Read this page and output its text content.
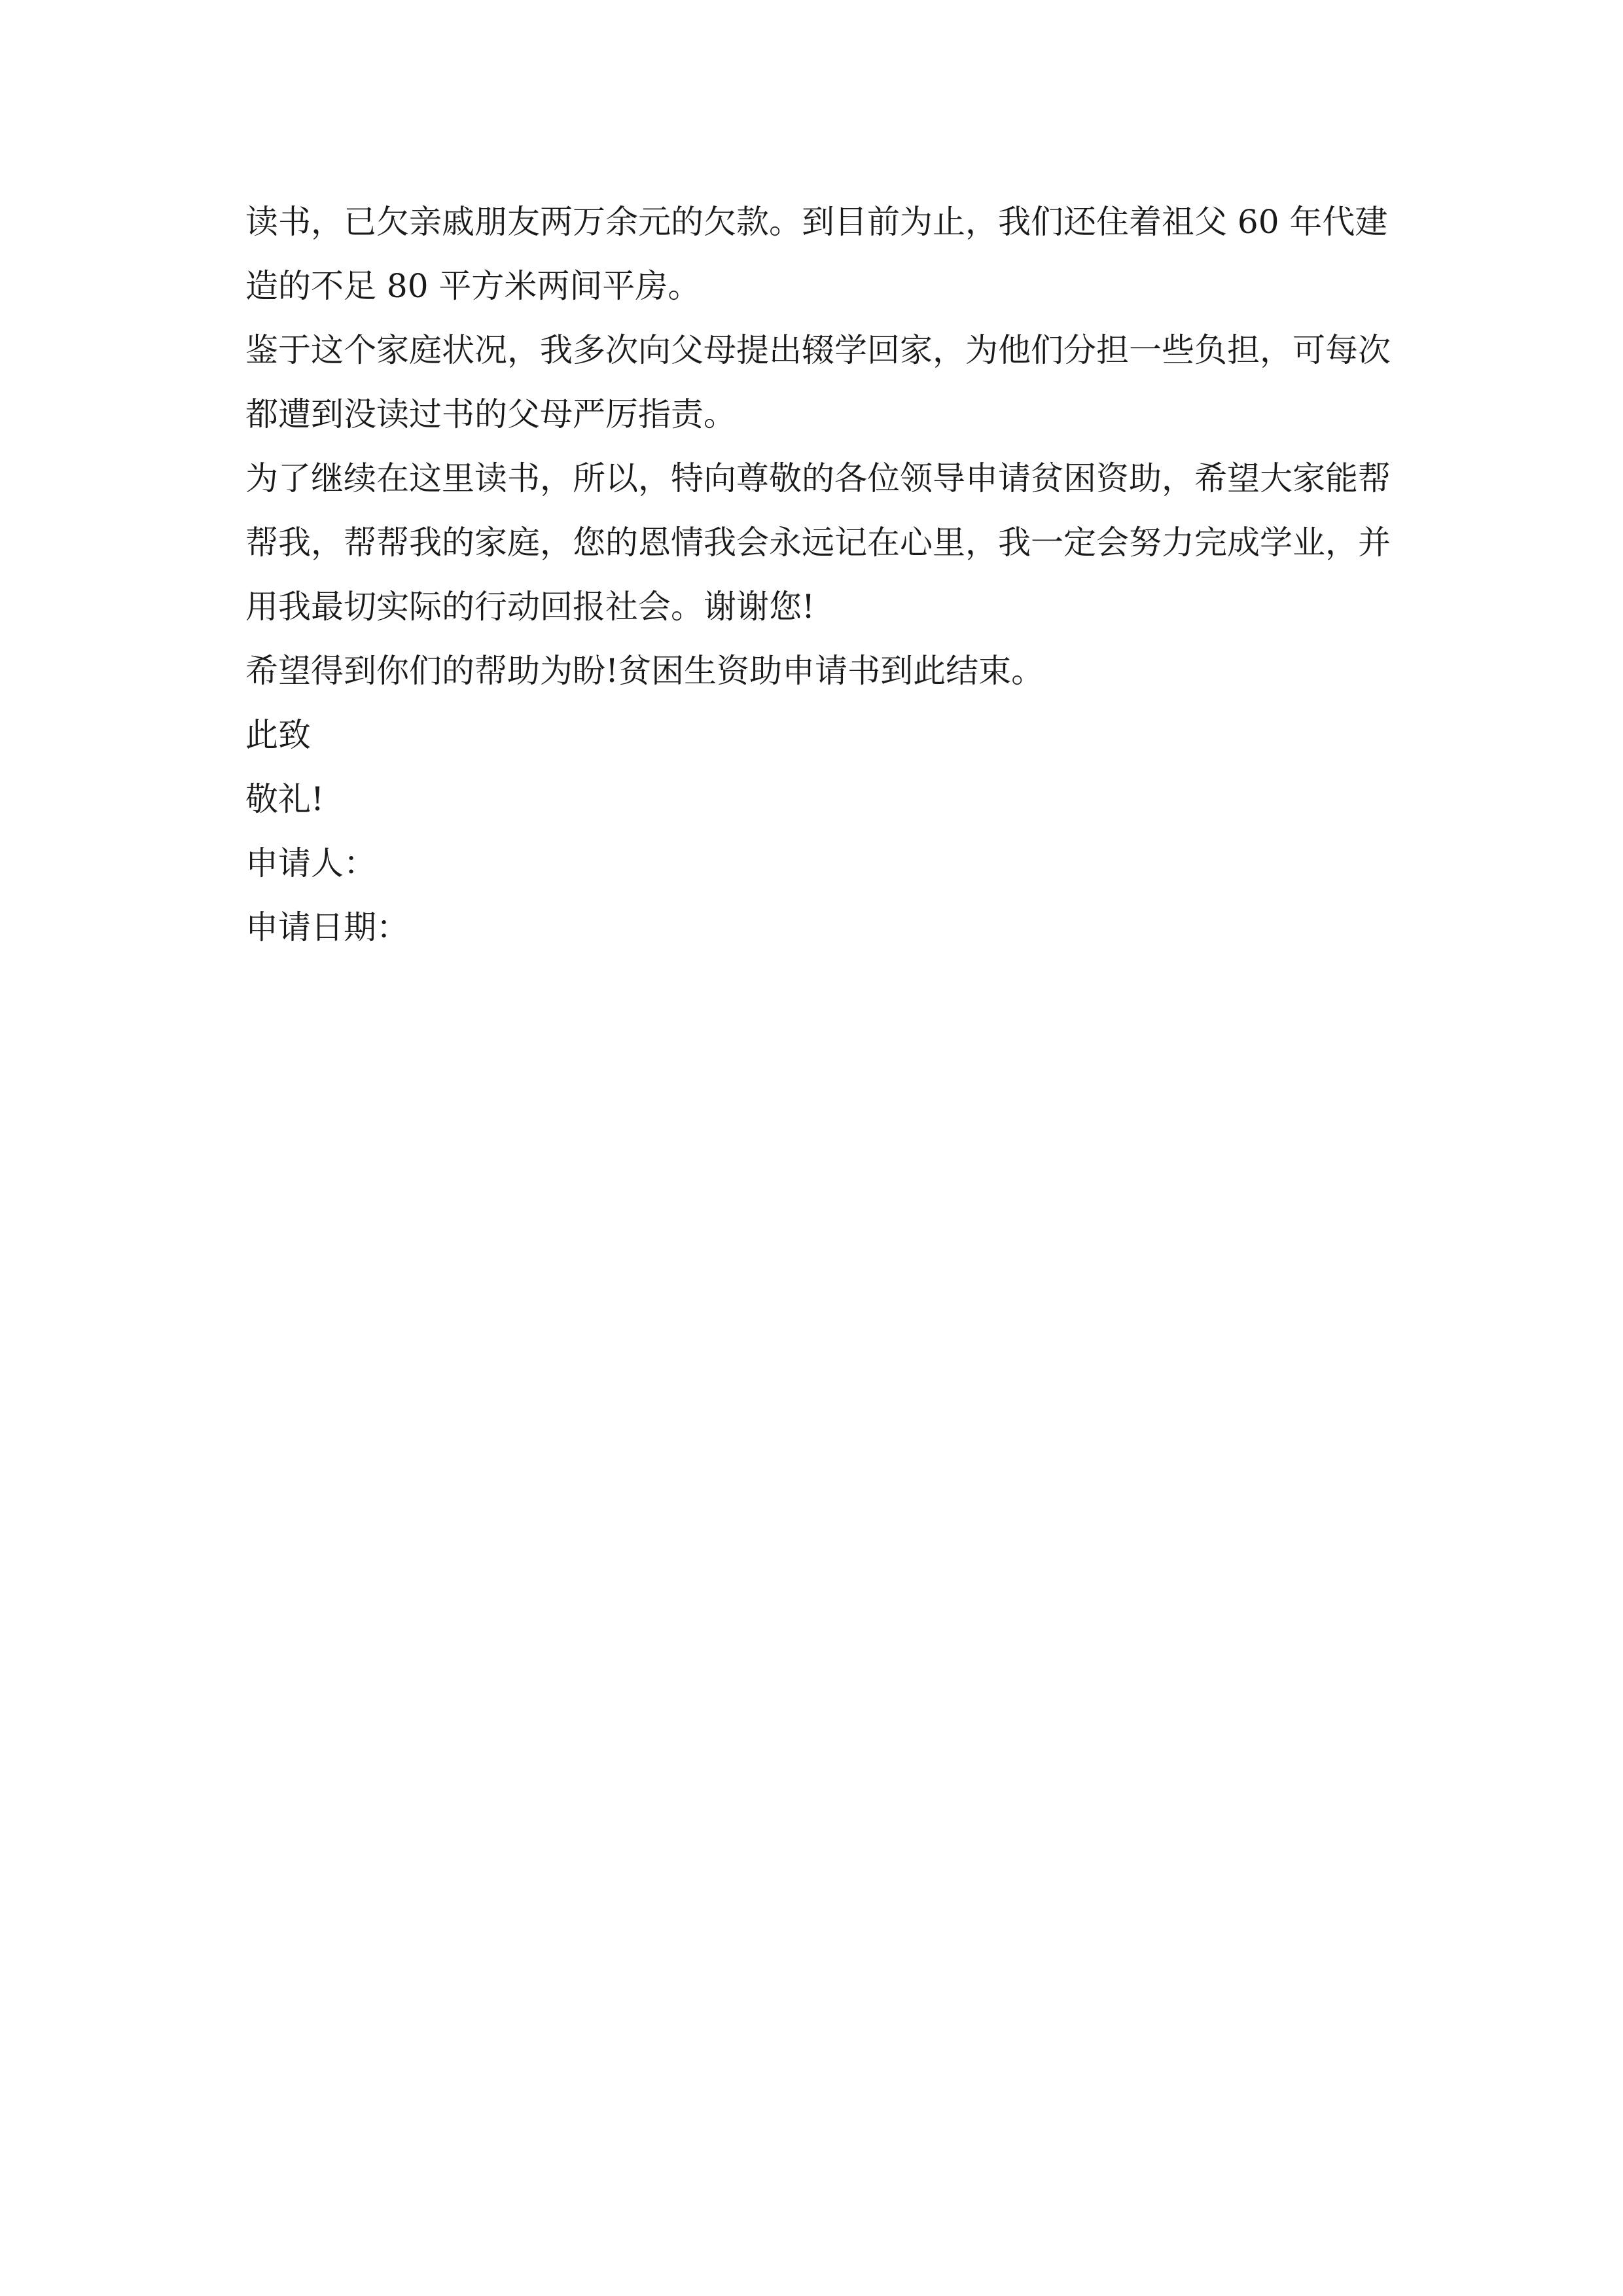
读书，已欠亲戚朋友两万余元的欠款。到目前为止，我们还住着祖父 60 年代建
造的不足 80 平方米两间平房。

鉴于这个家庭状况，我多次向父母提出辍学回家，为他们分担一些负担，可每次
都遭到没读过书的父母严厉指责。

为了继续在这里读书，所以，特向尊敬的各位领导申请贫困资助，希望大家能帮
帮我，帮帮我的家庭，您的恩情我会永远记在心里，我一定会努力完成学业，并
用我最切实际的行动回报社会。谢谢您!

希望得到你们的帮助为盼!贫困生资助申请书到此结束。

此致

敬礼!

申请人：

申请日期：
